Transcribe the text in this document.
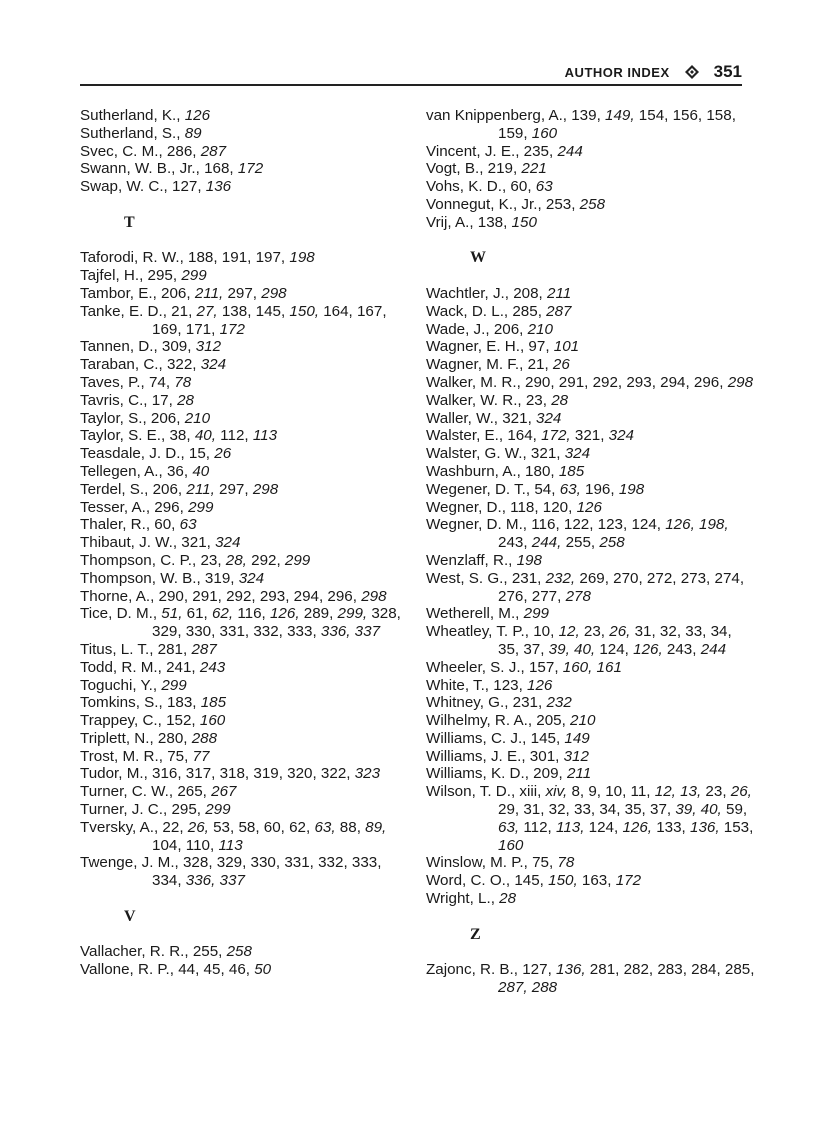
AUTHOR INDEX	351
Sutherland, K., 126
Sutherland, S., 89
Svec, C. M., 286, 287
Swann, W. B., Jr., 168, 172
Swap, W. C., 127, 136
T
Taforodi, R. W., 188, 191, 197, 198
Tajfel, H., 295, 299
Tambor, E., 206, 211, 297, 298
Tanke, E. D., 21, 27, 138, 145, 150, 164, 167, 169, 171, 172
Tannen, D., 309, 312
Taraban, C., 322, 324
Taves, P., 74, 78
Tavris, C., 17, 28
Taylor, S., 206, 210
Taylor, S. E., 38, 40, 112, 113
Teasdale, J. D., 15, 26
Tellegen, A., 36, 40
Terdel, S., 206, 211, 297, 298
Tesser, A., 296, 299
Thaler, R., 60, 63
Thibaut, J. W., 321, 324
Thompson, C. P., 23, 28, 292, 299
Thompson, W. B., 319, 324
Thorne, A., 290, 291, 292, 293, 294, 296, 298
Tice, D. M., 51, 61, 62, 116, 126, 289, 299, 328, 329, 330, 331, 332, 333, 336, 337
Titus, L. T., 281, 287
Todd, R. M., 241, 243
Toguchi, Y., 299
Tomkins, S., 183, 185
Trappey, C., 152, 160
Triplett, N., 280, 288
Trost, M. R., 75, 77
Tudor, M., 316, 317, 318, 319, 320, 322, 323
Turner, C. W., 265, 267
Turner, J. C., 295, 299
Tversky, A., 22, 26, 53, 58, 60, 62, 63, 88, 89, 104, 110, 113
Twenge, J. M., 328, 329, 330, 331, 332, 333, 334, 336, 337
V
Vallacher, R. R., 255, 258
Vallone, R. P., 44, 45, 46, 50
van Knippenberg, A., 139, 149, 154, 156, 158, 159, 160
Vincent, J. E., 235, 244
Vogt, B., 219, 221
Vohs, K. D., 60, 63
Vonnegut, K., Jr., 253, 258
Vrij, A., 138, 150
W
Wachtler, J., 208, 211
Wack, D. L., 285, 287
Wade, J., 206, 210
Wagner, E. H., 97, 101
Wagner, M. F., 21, 26
Walker, M. R., 290, 291, 292, 293, 294, 296, 298
Walker, W. R., 23, 28
Waller, W., 321, 324
Walster, E., 164, 172, 321, 324
Walster, G. W., 321, 324
Washburn, A., 180, 185
Wegener, D. T., 54, 63, 196, 198
Wegner, D., 118, 120, 126
Wegner, D. M., 116, 122, 123, 124, 126, 198, 243, 244, 255, 258
Wenzlaff, R., 198
West, S. G., 231, 232, 269, 270, 272, 273, 274, 276, 277, 278
Wetherell, M., 299
Wheatley, T. P., 10, 12, 23, 26, 31, 32, 33, 34, 35, 37, 39, 40, 124, 126, 243, 244
Wheeler, S. J., 157, 160, 161
White, T., 123, 126
Whitney, G., 231, 232
Wilhelmy, R. A., 205, 210
Williams, C. J., 145, 149
Williams, J. E., 301, 312
Williams, K. D., 209, 211
Wilson, T. D., xiii, xiv, 8, 9, 10, 11, 12, 13, 23, 26, 29, 31, 32, 33, 34, 35, 37, 39, 40, 59, 63, 112, 113, 124, 126, 133, 136, 153, 160
Winslow, M. P., 75, 78
Word, C. O., 145, 150, 163, 172
Wright, L., 28
Z
Zajonc, R. B., 127, 136, 281, 282, 283, 284, 285, 287, 288
